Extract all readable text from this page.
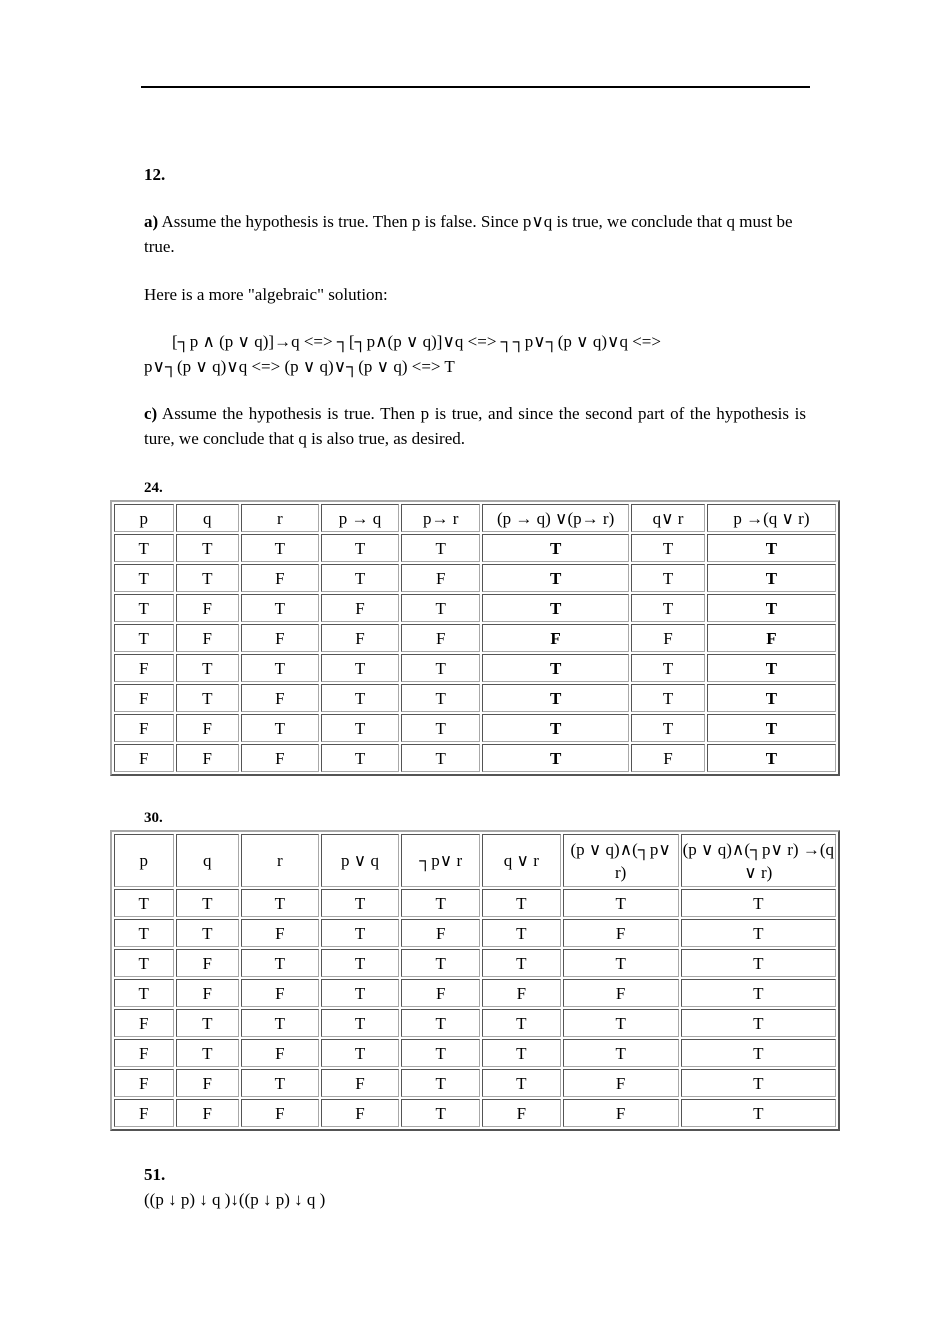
12.
a) Assume the hypothesis is true. Then p is false. Since p∨q is true, we conclude that q must be true.
Here is a more "algebraic" solution:
[┐p ∧ (p ∨ q)]→q <=> ┐[┐p∧(p ∨ q)]∨q <=> ┐┐p∨┐(p ∨ q)∨q <=>
p∨┐(p ∨ q)∨q <=> (p ∨ q)∨┐(p ∨ q) <=> T
c) Assume the hypothesis is true. Then p is true, and since the second part of the hypothesis is ture, we conclude that q is also true, as desired.
24.
p	q	r	p → q	p→ r	(p → q) ∨(p→ r)	q∨ r	p →(q ∨ r)
T	T	T	T	T	T	T	T
T	T	F	T	F	T	T	T
T	F	T	F	T	T	T	T
T	F	F	F	F	F	F	F
F	T	T	T	T	T	T	T
F	T	F	T	T	T	T	T
F	F	T	T	T	T	T	T
F	F	F	T	T	T	F	T
30.
p	q	r	p ∨ q	┐p∨ r	q ∨ r	(p ∨ q)∧(┐p∨ r)	(p ∨ q)∧(┐p∨ r) →(q ∨ r)
T	T	T	T	T	T	T	T
T	T	F	T	F	T	F	T
T	F	T	T	T	T	T	T
T	F	F	T	F	F	F	T
F	T	T	T	T	T	T	T
F	T	F	T	T	T	T	T
F	F	T	F	T	T	F	T
F	F	F	F	T	F	F	T
51.
((p ↓ p) ↓ q )↓((p ↓ p) ↓ q )
